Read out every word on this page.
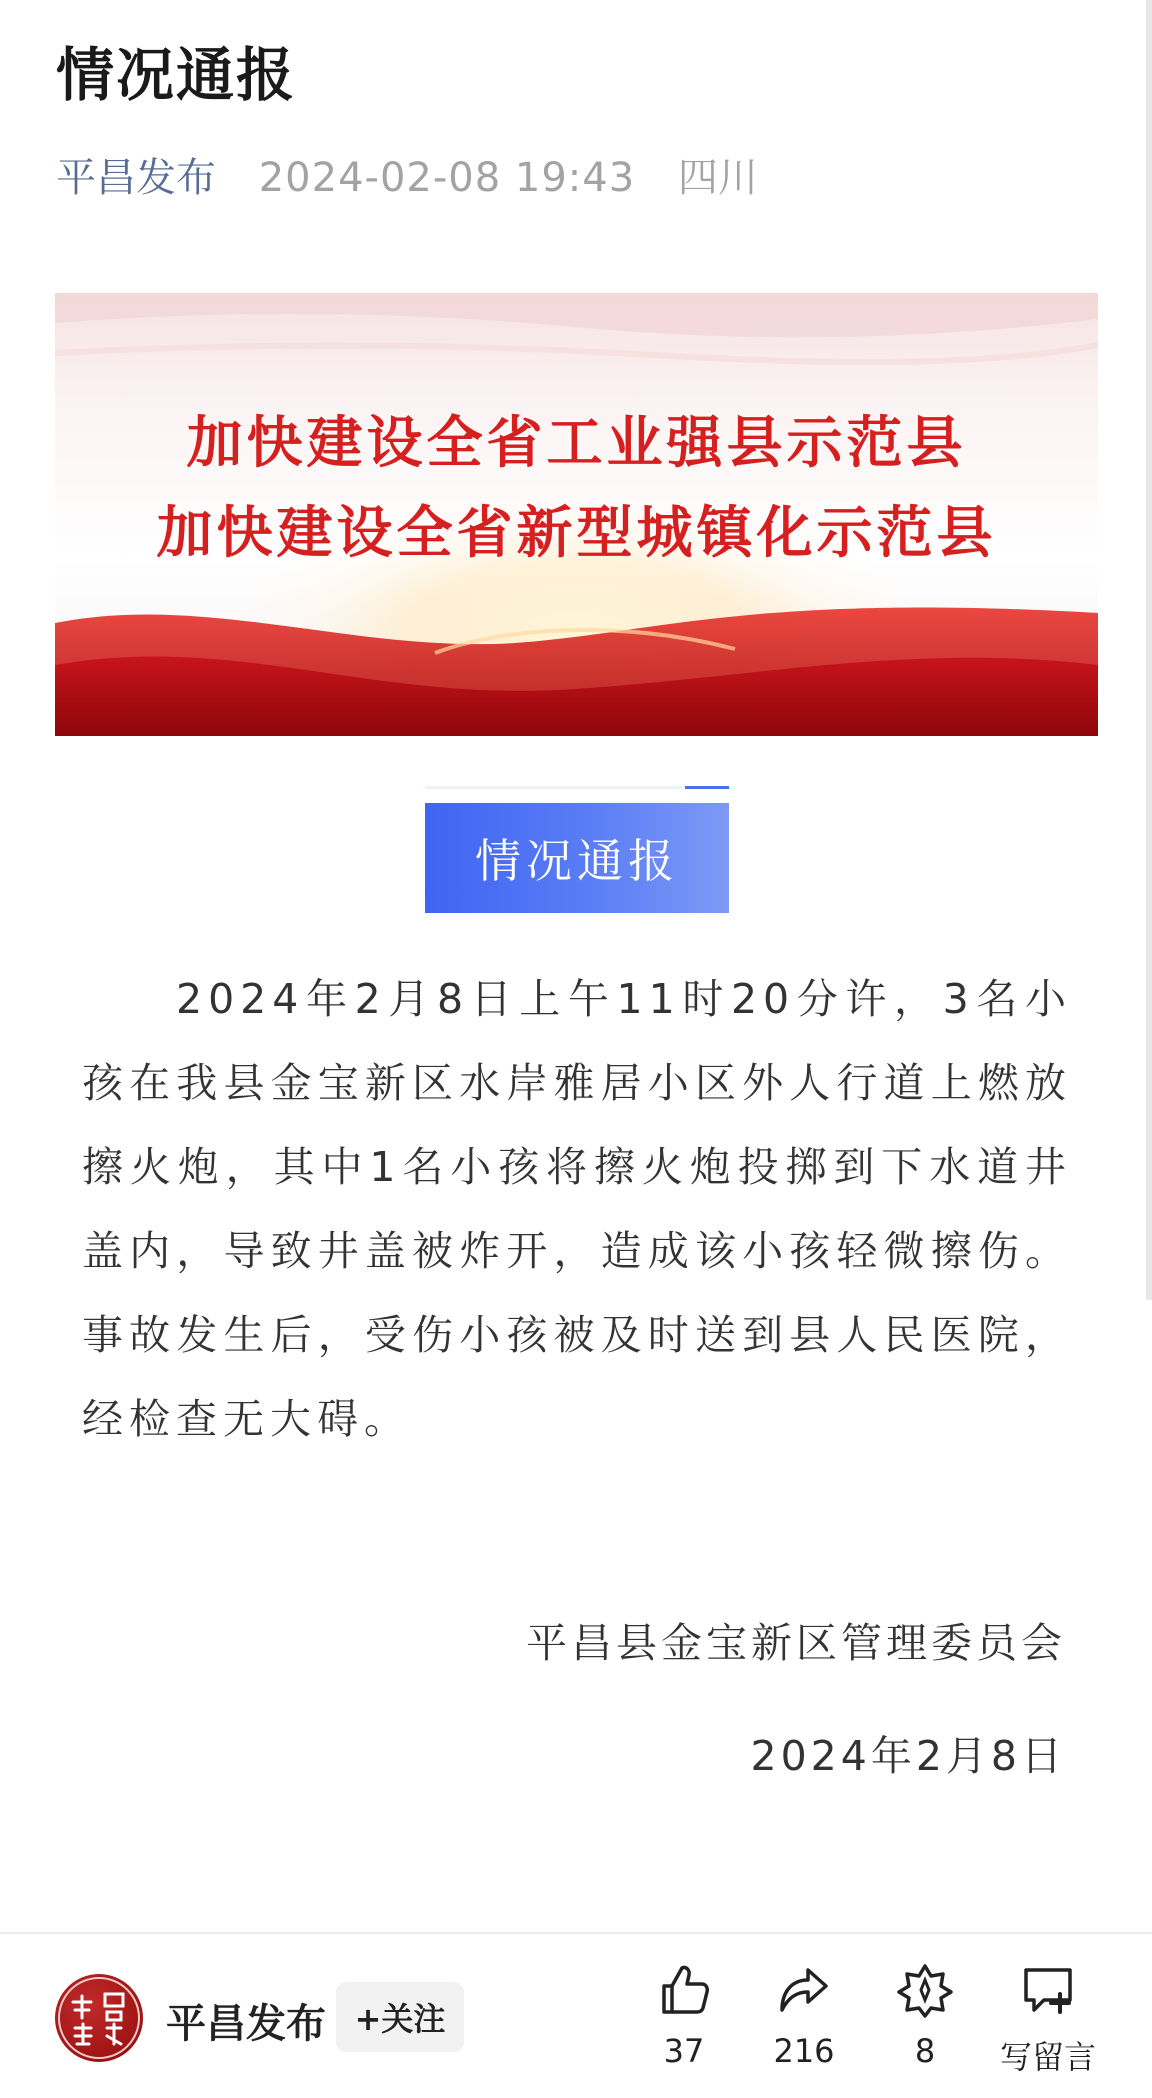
情况通报
平昌发布 2024-02-08 19:43 四川
加快建设全省工业强县示范县
加快建设全省新型城镇化示范县
情况通报

2024年2月8日上午11时20分许，3名小孩在我县金宝新区水岸雅居小区外人行道上燃放擦火炮，其中1名小孩将擦火炮投掷到下水道井盖内，导致井盖被炸开，造成该小孩轻微擦伤。事故发生后，受伤小孩被及时送到县人民医院，经检查无大碍。

平昌县金宝新区管理委员会
2024年2月8日
平昌发布 +关注
37	216	8	写留言
